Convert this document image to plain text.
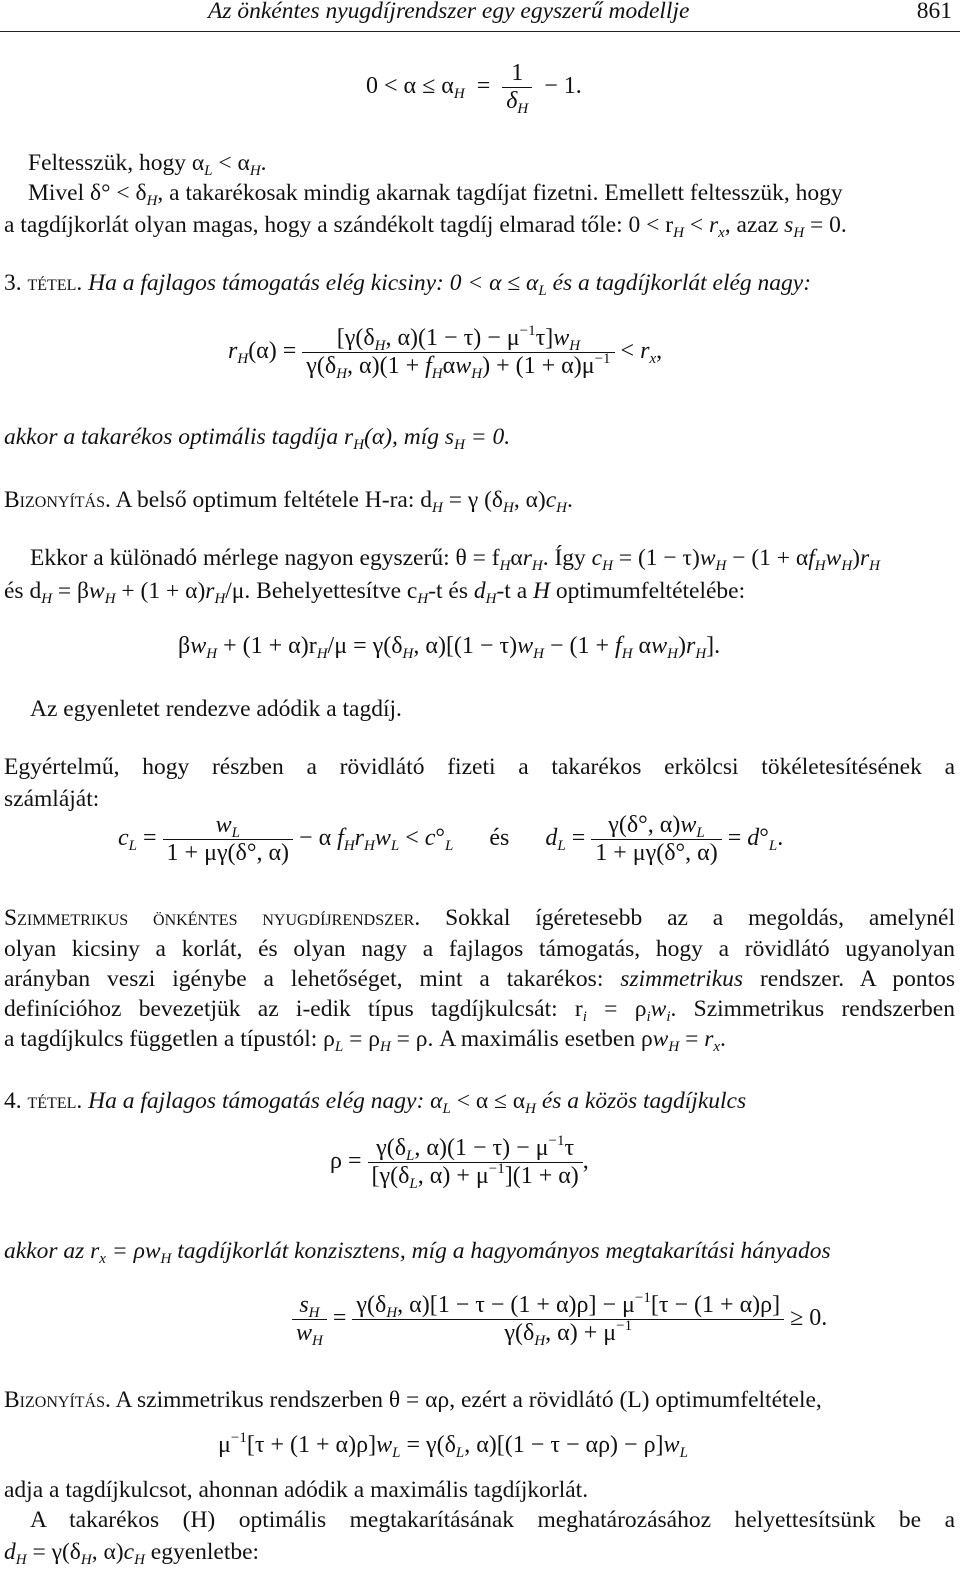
Az önkéntes nyugdíjrendszer egy egyszerű modellje	861
$0 < \alpha \le \alpha_H = \frac{1}{\delta_H} - 1$.
Feltesszük, hogy $\alpha_L < \alpha_H$.
Mivel $\delta^\circ < \delta_H$, a takarékosak mindig akarnak tagdíjat fizetni. Emellett feltesszük, hogy
a tagdíjkorlát olyan magas, hogy a szándékolt tagdíj elmarad tőle: $0 < r_H < r_x$, azaz $s_H = 0$.
3. tétel. Ha a fajlagos támogatás elég kicsiny: $0 < \alpha \le \alpha_L$ és a tagdíjkorlát elég nagy:
$r_H(\alpha) = \frac{[\gamma(\delta_H, \alpha)(1 - \tau) - \mu^{-1}\tau]w_H}{\gamma(\delta_H, \alpha)(1 + f_H\alpha w_H) + (1 + \alpha)\mu^{-1}} < r_x$,
akkor a takarékos optimális tagdíja $r_H(\alpha)$, míg $s_H = 0$.
Bizonyítás. A belső optimum feltétele H-ra: $d_H = \gamma$ ($\delta_H$, $\alpha)c_H$.
Ekkor a különadó mérlege nagyon egyszerű: $\theta = f_H\alpha r_H$. Így $c_H = (1 - \tau)w_H - (1 + \alpha f_Hw_H)r_H$
és $d_H = \beta w_H + (1 + \alpha)r_H/\mu$. Behelyettesítve $c_H-t$ és $d_H-t$ a H optimumfeltételébe:
$\beta w_H + (1 + \alpha)r_H/\mu = \gamma(\delta_H$, $\alpha)[(1 - \tau)w_H - (1 + f_H$ $\alpha w_H)r_H$].
Az egyenletet rendezve adódik a tagdíj.
Egyértelmű, hogy részben a rövidlátó fizeti a takarékos erkölcsi tökéletesítésének a
számláját:
$c_L = \frac{w_L}{1 + \mu\gamma(\delta^\circ, \alpha)} - \alpha$ $f_Hr_Hw_L < c^\circ_L$ és $d_L = \frac{\gamma(\delta^\circ, \alpha)w_L}{1 + \mu\gamma(\delta^\circ, \alpha)} = d^\circ_L$.
Szimmetrikus önkéntes nyugdíjrendszer. Sokkal ígéretesebb az a megoldás, amelynél
olyan kicsiny a korlát, és olyan nagy a fajlagos támogatás, hogy a rövidlátó ugyanolyan
arányban veszi igénybe a lehetőséget, mint a takarékos: szimmetrikus rendszer. A pontos
definícióhoz bevezetjük az i-edik típus tagdíjkulcsát: $r_i = \rho_iw_i$. Szimmetrikus rendszerben
a tagdíjkulcs független a típustól: $\rho_L = \rho_H = \rho$. A maximális esetben $\rho w_H = r_x$.
4. tétel. Ha a fajlagos támogatás elég nagy: $\alpha_L < \alpha \le \alpha_H$ és a közös tagdíjkulcs
$\rho = \frac{\gamma(\delta_L, \alpha)(1 - \tau) - \mu^{-1}\tau}{[\gamma(\delta_L, \alpha) + \mu^{-1}](1 + \alpha)}$ ,
akkor az $r_x = \rho w_H$ tagdíjkorlát konzisztens, míg a hagyományos megtakarítási hányados
$\frac{s_H}{w_H} = \frac{\gamma(\delta_H, \alpha)[1 - \tau - (1 + \alpha)\rho] - \mu^{-1}[\tau - (1 + \alpha)\rho]}{\gamma(\delta_H, \alpha) + \mu^{-1}} \ge 0$.
Bizonyítás. A szimmetrikus rendszerben θ = αρ, ezért a rövidlátó (L) optimumfeltétele,
$\mu^{-1}[\tau + (1 + \alpha)\rho]w_L = \gamma(\delta_L$, $\alpha)[(1 - \tau - \alpha\rho) - \rho]w_L$
adja a tagdíjkulcsot, ahonnan adódik a maximális tagdíjkorlát.
A takarékos (H) optimális megtakarításának meghatározásához helyettesítsünk be a
$d_H = \gamma(\delta_H$, $\alpha)c_H$ egyenletbe:
